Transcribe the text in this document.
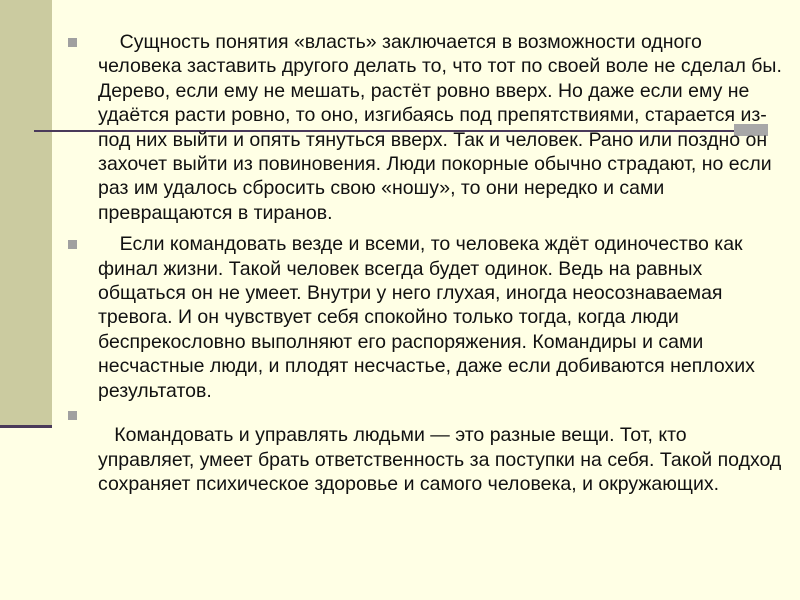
Сущность понятия «власть» заключается в возможности одного человека заставить другого делать то, что тот по своей воле не сделал бы. Дерево, если ему не мешать, растёт ровно вверх. Но даже если ему не удаётся расти ровно, то оно, изгибаясь под препятствиями, старается из-под них выйти и опять тянуться вверх. Так и человек. Рано или поздно он захочет выйти из повиновения. Люди покорные обычно страдают, но если раз им удалось сбросить свою «ношу», то они нередко и сами превращаются в тиранов.

Если командовать везде и всеми, то человека ждёт одиночество как финал жизни. Такой человек всегда будет одинок. Ведь на равных общаться он не умеет. Внутри у него глухая, иногда неосознаваемая тревога. И он чувствует себя спокойно только тогда, когда люди беспрекословно выполняют его распоряжения. Командиры и сами несчастные люди, и плодят несчастье, даже если добиваются неплохих результатов.

Командовать и управлять людьми — это разные вещи. Тот, кто управляет, умеет брать ответственность за поступки на себя. Такой подход сохраняет психическое здоровье и самого человека, и окружающих.
